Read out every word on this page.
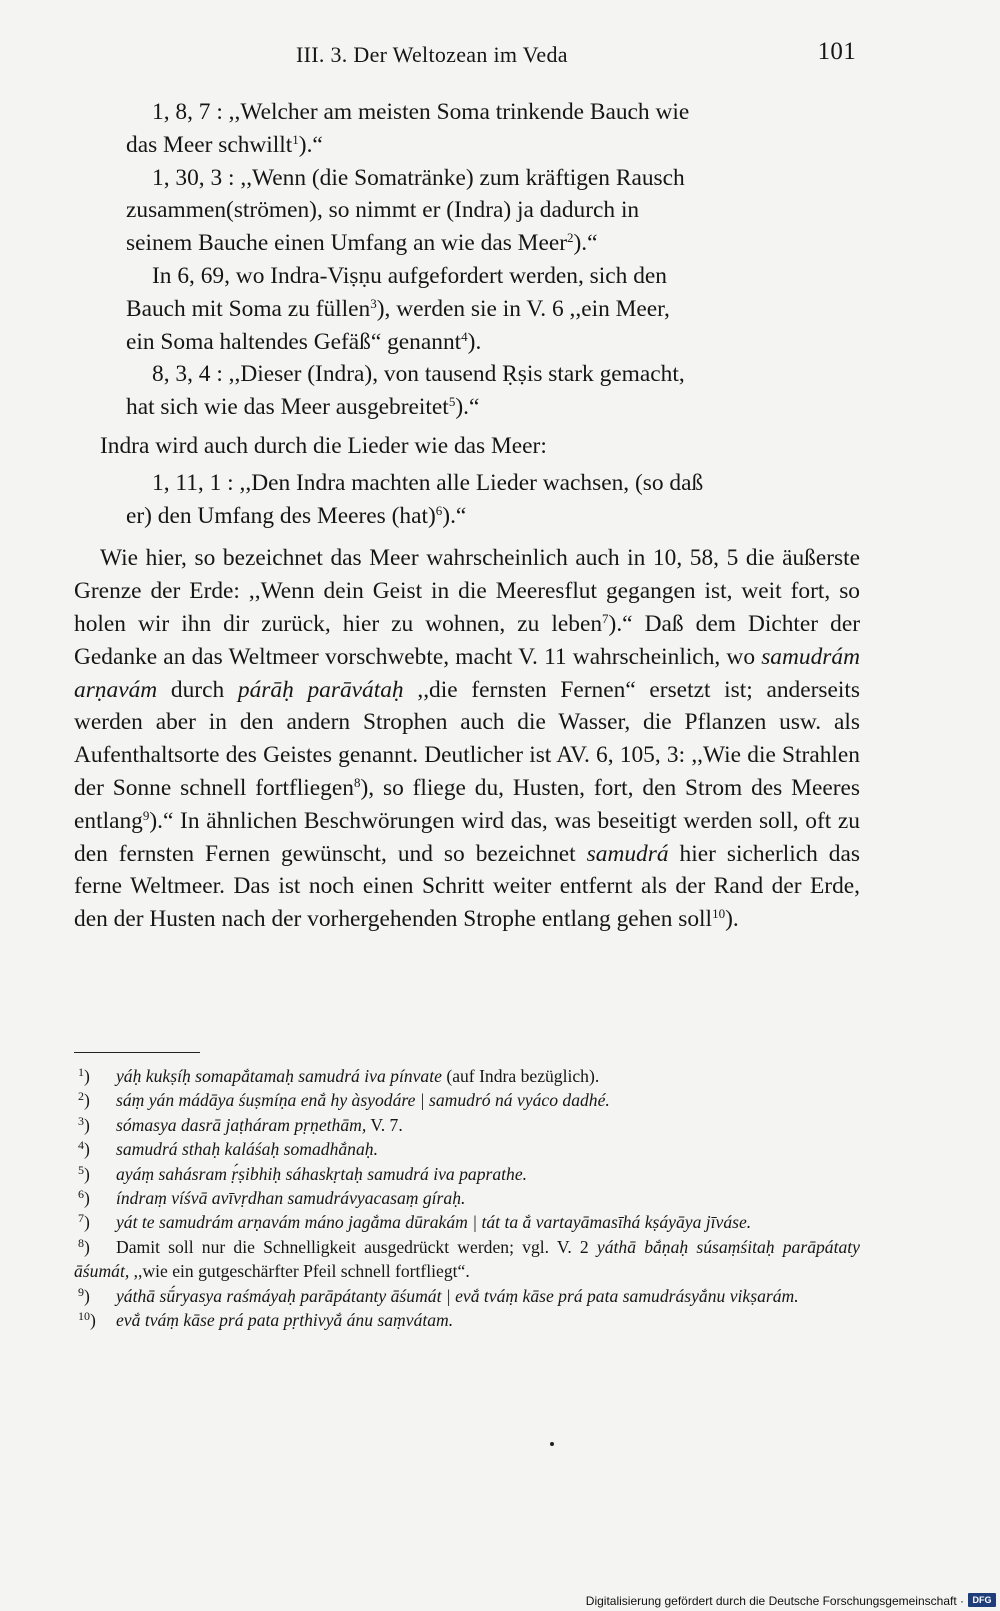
III. 3. Der Weltozean im Veda	101

1, 8, 7 : ,,Welcher am meisten Soma trinkende Bauch wie
das Meer schwillt$^1$).“

1, 30, 3 : ,,Wenn (die Somatränke) zum kräftigen Rausch
zusammen(strömen), so nimmt er (Indra) ja dadurch in
seinem Bauche einen Umfang an wie das Meer$^2$).“

In 6, 69, wo Indra-Viṣṇu aufgefordert werden, sich den
Bauch mit Soma zu füllen$^3$), werden sie in V. 6 ,,ein Meer,
ein Soma haltendes Gefäß“ genannt$^4$).

8, 3, 4 : ,,Dieser (Indra), von tausend Ṛṣis stark gemacht,
hat sich wie das Meer ausgebreitet$^5$).“

Indra wird auch durch die Lieder wie das Meer:

1, 11, 1 : ,,Den Indra machten alle Lieder wachsen, (so daß
er) den Umfang des Meeres (hat)$^6$).“

Wie hier, so bezeichnet das Meer wahrscheinlich auch in 10, 58, 5 die äußerste Grenze der Erde: ,,Wenn dein Geist in die Meeresflut gegangen ist, weit fort, so holen wir ihn dir zurück, hier zu wohnen, zu leben$^7$).“ Daß dem Dichter der Gedanke an das Weltmeer vorschwebte, macht V. 11 wahrscheinlich, wo samudrám arṇavám durch párāḥ parāvátaḥ ,,die fernsten Fernen“ ersetzt ist; anderseits werden aber in den andern Strophen auch die Wasser, die Pflanzen usw. als Aufenthaltsorte des Geistes genannt. Deutlicher ist AV. 6, 105, 3: ,,Wie die Strahlen der Sonne schnell fortfliegen$^8$), so fliege du, Husten, fort, den Strom des Meeres entlang$^9$).“ In ähnlichen Beschwörungen wird das, was beseitigt werden soll, oft zu den fernsten Fernen gewünscht, und so bezeichnet samudrá hier sicherlich das ferne Weltmeer. Das ist noch einen Schritt weiter entfernt als der Rand der Erde, den der Husten nach der vorhergehenden Strophe entlang gehen soll$^{10}$).

$^1$) yáḥ kukṣíḥ somapắtamaḥ samudrá iva pínvate (auf Indra bezüglich).

$^2$) sáṃ yán mádāya śuṣmíṇa enắ hy àsyodáre | samudró ná vyáco dadhé.

$^3$) sómasya dasrā jaṭháram pṛṇethām, V. 7.

$^4$) samudrá sthaḥ kaláśaḥ somadhắnaḥ.

$^5$) ayáṃ sahásram ṛ́ṣibhiḥ sáhaskṛtaḥ samudrá iva paprathe.

$^6$) índraṃ víśvā avīvṛdhan samudrávyacasaṃ gíraḥ.

$^7$) yát te samudrám arṇavám máno jagắma dūrakám | tát ta ắ vartayāmasīhá kṣáyāya jīváse.

$^8$) Damit soll nur die Schnelligkeit ausgedrückt werden; vgl. V. 2 yáthā bắṇaḥ súsaṃśitaḥ parāpátaty āśumát, ,,wie ein gutgeschärfter Pfeil schnell fortfliegt“.

$^9$) yáthā sū́ryasya raśmáyaḥ parāpátanty āśumát | evắ tváṃ kāse prá pata samudrásyắnu vikṣarám.

$^{10}$) evắ tváṃ kāse prá pata pṛthivyắ ánu saṃvátam.

Digitalisierung gefördert durch die Deutsche Forschungsgemeinschaft · DFG
